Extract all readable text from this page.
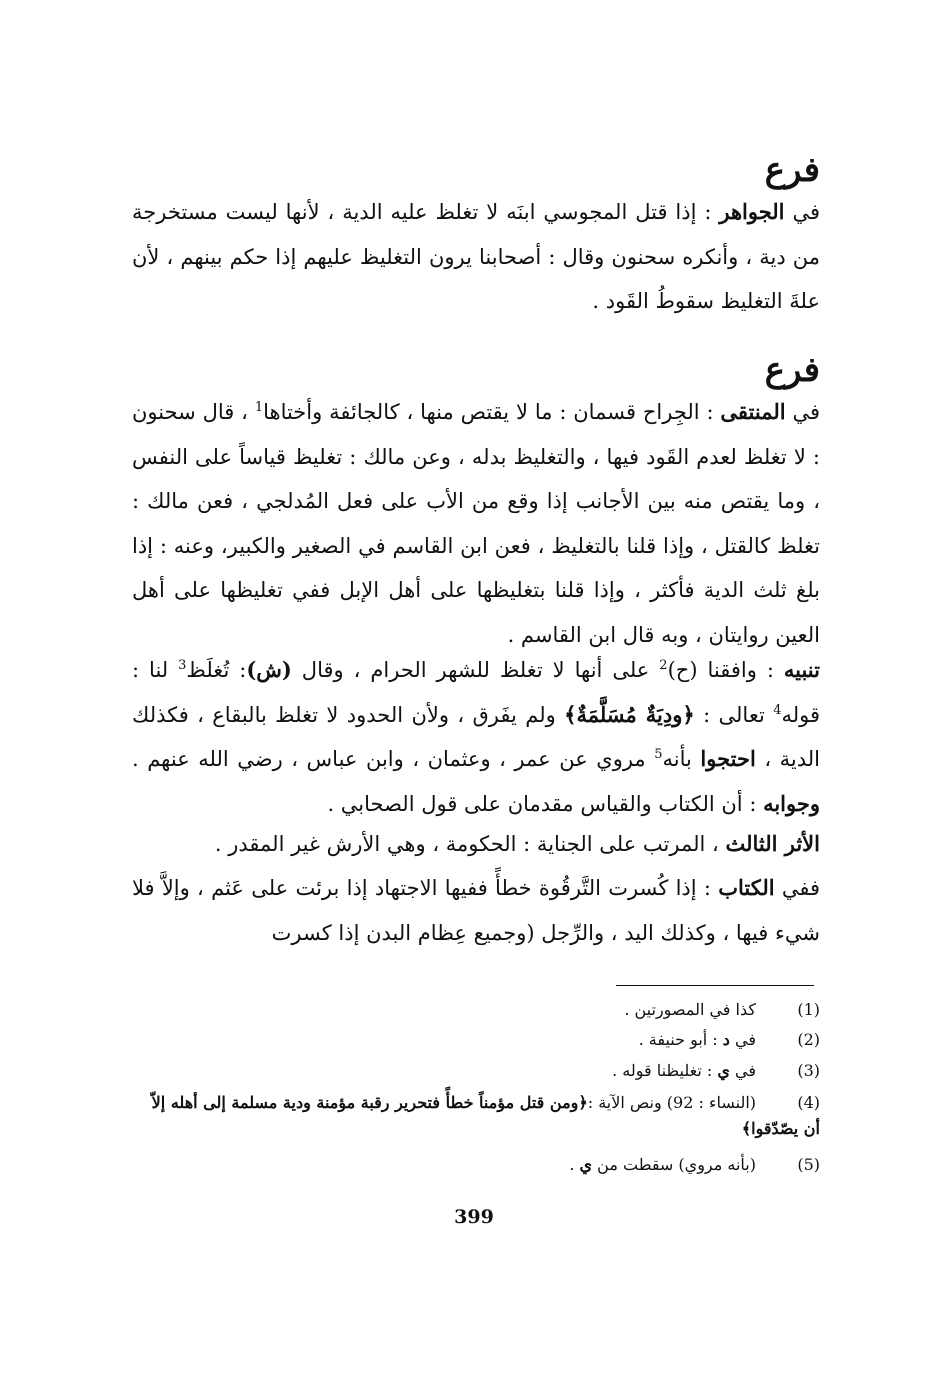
فرع
في الجواهر : إذا قتل المجوسي ابنَه لا تغلظ عليه الدية ، لأنها ليست مستخرجة من دية ، وأنكره سحنون وقال : أصحابنا يرون التغليظ عليهم إذا حكم بينهم ، لأن علةَ التغليظ سقوطُ القَود .
فرع
في المنتقى : الجِراح قسمان : ما لا يقتص منها ، كالجائفة وأختاها$^1$ ، قال سحنون : لا تغلظ لعدم القَود فيها ، والتغليظ بدله ، وعن مالك : تغليظ قياساً على النفس ، وما يقتص منه بين الأجانب إذا وقع من الأب على فعل المُدلجي ، فعن مالك : تغلظ كالقتل ، وإذا قلنا بالتغليظ ، فعن ابن القاسم في الصغير والكبير، وعنه : إذا بلغ ثلث الدية فأكثر ، وإذا قلنا بتغليظها على أهل الإبل ففي تغليظها على أهل العين روايتان ، وبه قال ابن القاسم .
تنبيه : وافقنا (ح)$^2$ على أنها لا تغلظ للشهر الحرام ، وقال (ش): تُغلَظ$^3$ لنا : قوله$^4$ تعالى : ﴿ودِيَةٌ مُسَلَّمَةٌ﴾ ولم يفَرق ، ولأن الحدود لا تغلظ بالبقاع ، فكذلك الدية ، احتجوا بأنه$^5$ مروي عن عمر ، وعثمان ، وابن عباس ، رضي الله عنهم . وجوابه : أن الكتاب والقياس مقدمان على قول الصحابي .
الأثر الثالث ، المرتب على الجناية : الحكومة ، وهي الأرش غير المقدر .
ففي الكتاب : إذا كُسرت التَّرقُوة خطأً ففيها الاجتهاد إذا برئت على عَثم ، وإلاَّ فلا شيء فيها ، وكذلك اليد ، والرِّجل (وجميع عِظام البدن إذا كسرت
(1)كذا في المصورتين .
(2)في د : أبو حنيفة .
(3)في ي : تغليظنا قوله .
(4)(النساء : 92) ونص الآية :﴿ومن قتل مؤمناً خطأً فتحرير رقبة مؤمنة ودية مسلمة إلى أهله إلاّ أن يصّدّقوا﴾
(5)(بأنه مروي) سقطت من ي .
399
